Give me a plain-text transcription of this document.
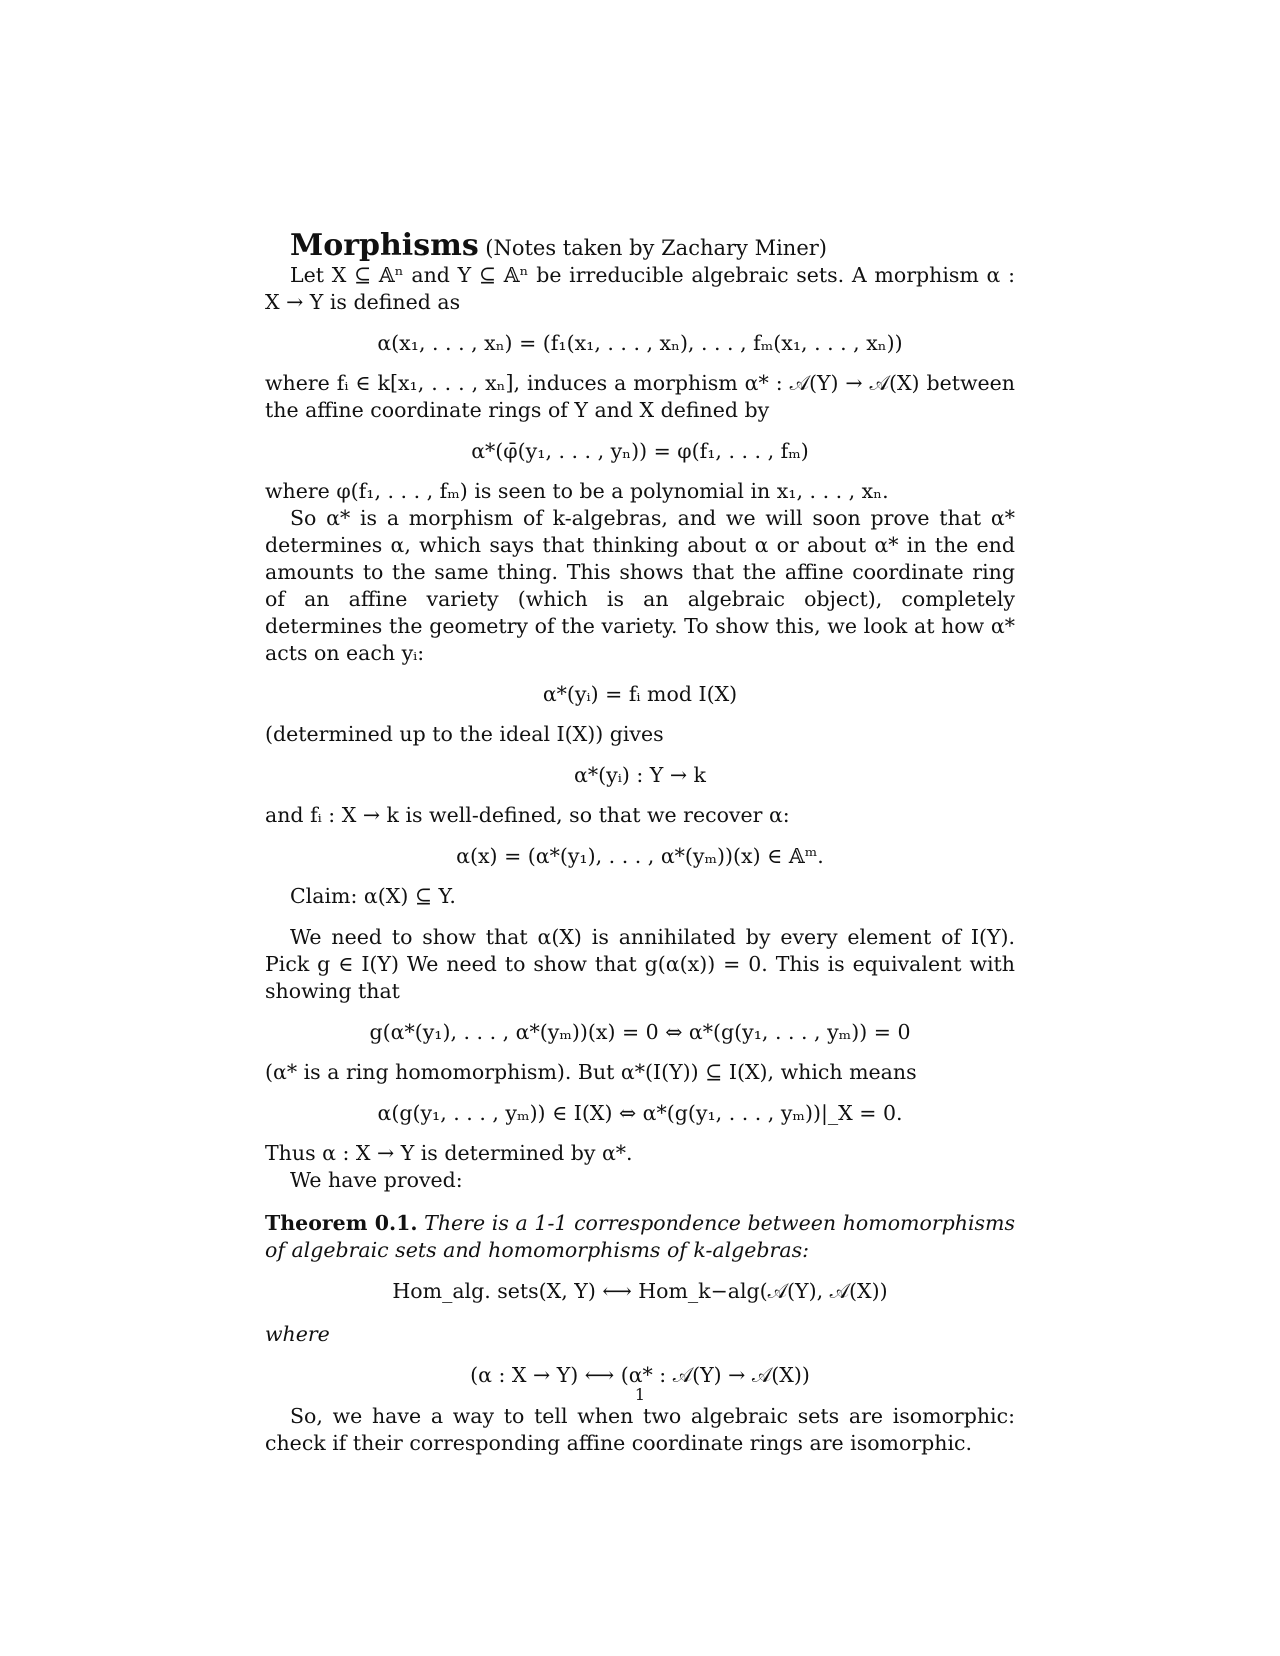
Morphisms (Notes taken by Zachary Miner)

Let X ⊆ 𝔸ⁿ and Y ⊆ 𝔸ⁿ be irreducible algebraic sets. A morphism α : X → Y is defined as

α(x₁, . . . , xₙ) = (f₁(x₁, . . . , xₙ), . . . , fₘ(x₁, . . . , xₙ))

where fᵢ ∈ k[x₁, . . . , xₙ], induces a morphism α* : 𝒜(Y) → 𝒜(X) between the affine coordinate rings of Y and X defined by

α*(φ̄(y₁, . . . , yₙ)) = φ(f₁, . . . , fₘ)

where φ(f₁, . . . , fₘ) is seen to be a polynomial in x₁, . . . , xₙ.

So α* is a morphism of k-algebras, and we will soon prove that α* determines α, which says that thinking about α or about α* in the end amounts to the same thing. This shows that the affine coordinate ring of an affine variety (which is an algebraic object), completely determines the geometry of the variety. To show this, we look at how α* acts on each yᵢ:

α*(yᵢ) = fᵢ mod I(X)

(determined up to the ideal I(X)) gives

α*(yᵢ) : Y → k

and fᵢ : X → k is well-defined, so that we recover α:

α(x) = (α*(y₁), . . . , α*(yₘ))(x) ∈ 𝔸ᵐ.

Claim: α(X) ⊆ Y.

We need to show that α(X) is annihilated by every element of I(Y). Pick g ∈ I(Y) We need to show that g(α(x)) = 0. This is equivalent with showing that

g(α*(y₁), . . . , α*(yₘ))(x) = 0 ⇔ α*(g(y₁, . . . , yₘ)) = 0

(α* is a ring homomorphism). But α*(I(Y)) ⊆ I(X), which means

α(g(y₁, . . . , yₘ)) ∈ I(X) ⇔ α*(g(y₁, . . . , yₘ))|_X = 0.

Thus α : X → Y is determined by α*.

We have proved:

Theorem 0.1. There is a 1-1 correspondence between homomorphisms of algebraic sets and homomorphisms of k-algebras:

Hom_alg. sets(X, Y) ⟷ Hom_k−alg(𝒜(Y), 𝒜(X))

where

(α : X → Y) ⟷ (α* : 𝒜(Y) → 𝒜(X))

So, we have a way to tell when two algebraic sets are isomorphic: check if their corresponding affine coordinate rings are isomorphic.

1
